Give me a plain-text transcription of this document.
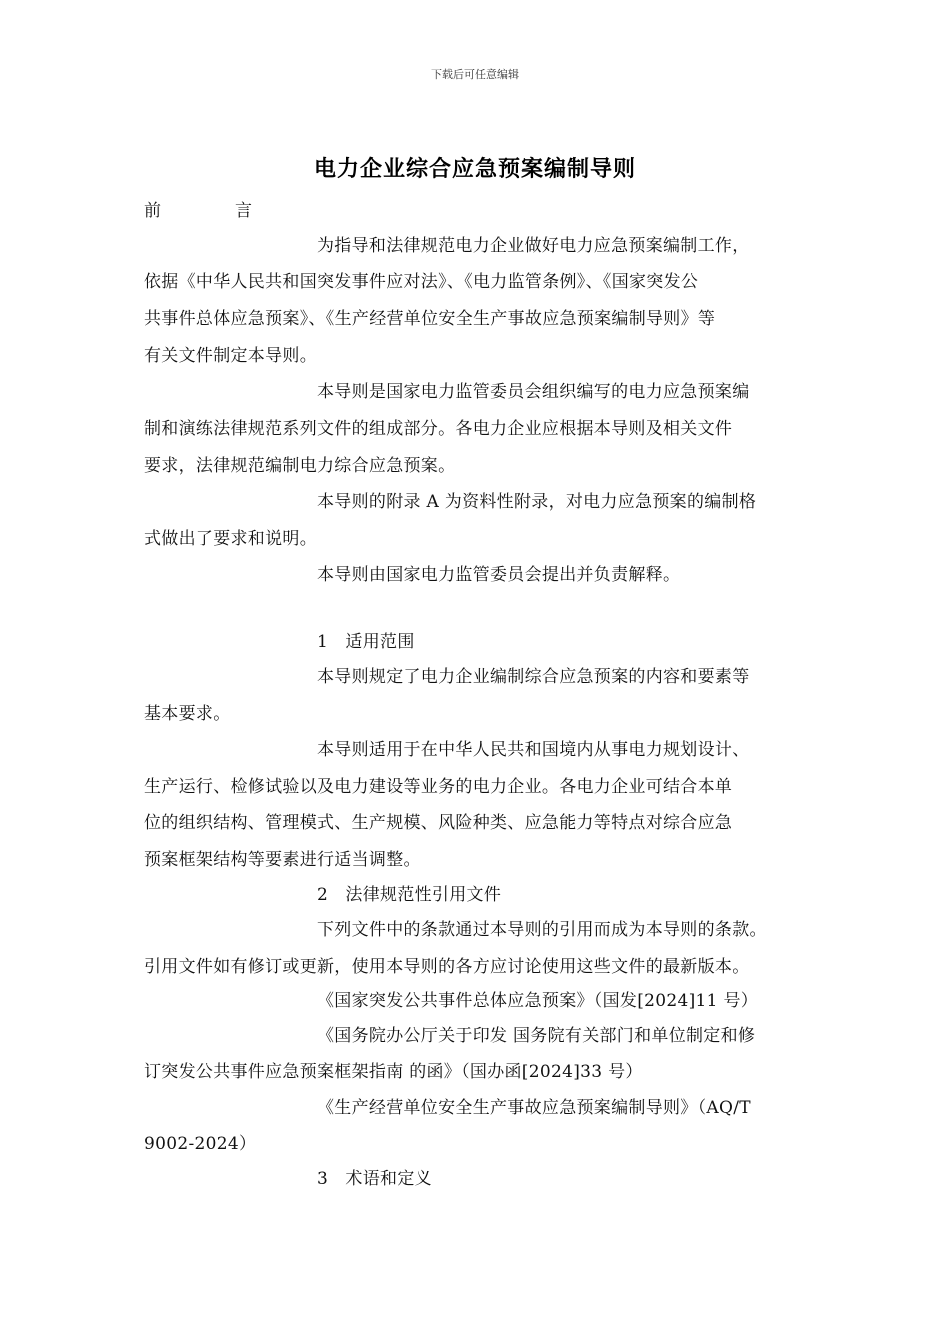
下载后可任意编辑
电力企业综合应急预案编制导则
前	言
为指导和法律规范电力企业做好电力应急预案编制工作，
依据《中华人民共和国突发事件应对法》、《电力监管条例》、《国家突发公
共事件总体应急预案》、《生产经营单位安全生产事故应急预案编制导则》等
有关文件制定本导则。
本导则是国家电力监管委员会组织编写的电力应急预案编
制和演练法律规范系列文件的组成部分。各电力企业应根据本导则及相关文件
要求，法律规范编制电力综合应急预案。
本导则的附录 A 为资料性附录，对电力应急预案的编制格
式做出了要求和说明。
本导则由国家电力监管委员会提出并负责解释。
1　适用范围
本导则规定了电力企业编制综合应急预案的内容和要素等
基本要求。
本导则适用于在中华人民共和国境内从事电力规划设计、
生产运行、检修试验以及电力建设等业务的电力企业。各电力企业可结合本单
位的组织结构、管理模式、生产规模、风险种类、应急能力等特点对综合应急
预案框架结构等要素进行适当调整。
2　法律规范性引用文件
下列文件中的条款通过本导则的引用而成为本导则的条款。
引用文件如有修订或更新，使用本导则的各方应讨论使用这些文件的最新版本。
《国家突发公共事件总体应急预案》（国发[2024]11 号）
《国务院办公厅关于印发 国务院有关部门和单位制定和修
订突发公共事件应急预案框架指南 的函》（国办函[2024]33 号）
《生产经营单位安全生产事故应急预案编制导则》（AQ/T
9002-2024）
3　术语和定义
